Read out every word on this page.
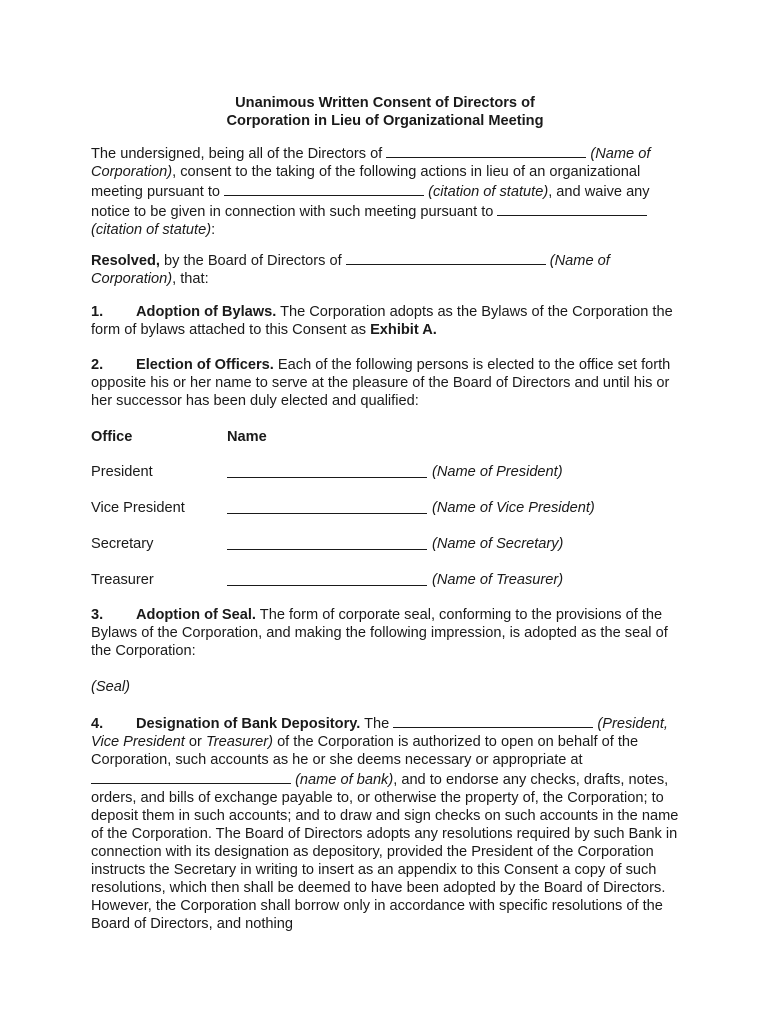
Unanimous Written Consent of Directors of
Corporation in Lieu of Organizational Meeting
The undersigned, being all of the Directors of	(Name of Corporation), consent to the taking of the following actions in lieu of an organizational meeting pursuant to	(citation of statute), and waive any notice to be given in connection with such meeting pursuant to  (citation of statute):
Resolved, by the Board of Directors of	(Name of Corporation), that:
1. Adoption of Bylaws. The Corporation adopts as the Bylaws of the Corporation the form of bylaws attached to this Consent as Exhibit A.
2. Election of Officers. Each of the following persons is elected to the office set forth opposite his or her name to serve at the pleasure of the Board of Directors and until his or her successor has been duly elected and qualified:
Office	Name
President	(Name of President)
Vice President	(Name of Vice President)
Secretary	(Name of Secretary)
Treasurer	(Name of Treasurer)
3. Adoption of Seal. The form of corporate seal, conforming to the provisions of the Bylaws of the Corporation, and making the following impression, is adopted as the seal of the Corporation:
(Seal)
4. Designation of Bank Depository. The	(President, Vice President or Treasurer) of the Corporation is authorized to open on behalf of the Corporation, such accounts as he or she deems necessary or appropriate at  (name of bank), and to endorse any checks, drafts, notes, orders, and bills of exchange payable to, or otherwise the property of, the Corporation; to deposit them in such accounts; and to draw and sign checks on such accounts in the name of the Corporation. The Board of Directors adopts any resolutions required by such Bank in connection with its designation as depository, provided the President of the Corporation instructs the Secretary in writing to insert as an appendix to this Consent a copy of such resolutions, which then shall be deemed to have been adopted by the Board of Directors. However, the Corporation shall borrow only in accordance with specific resolutions of the Board of Directors, and nothing
